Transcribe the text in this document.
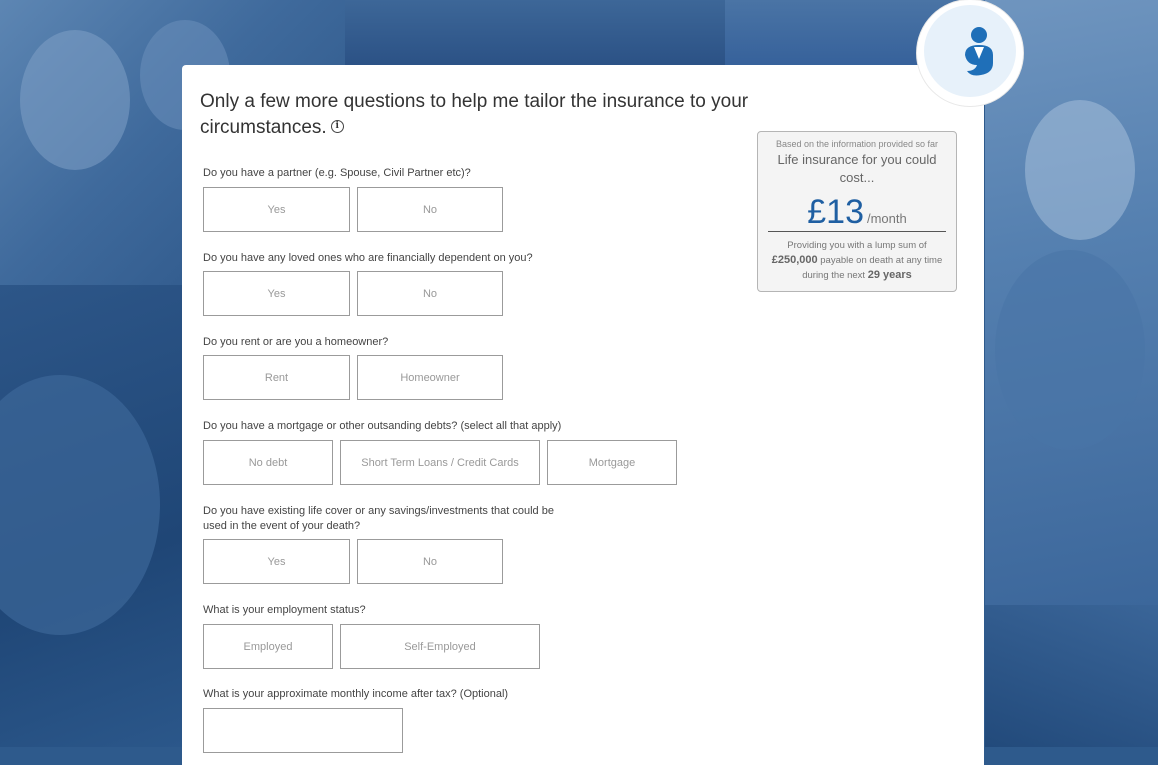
Only a few more questions to help me tailor the insurance to your circumstances. i
Do you have a partner (e.g. Spouse, Civil Partner etc)?
Yes	No
Do you have any loved ones who are financially dependent on you?
Yes	No
Do you rent or are you a homeowner?
Rent	Homeowner
Do you have a mortgage or other outsanding debts? (select all that apply)
No debt	Short Term Loans / Credit Cards	Mortgage
Do you have existing life cover or any savings/investments that could be
used in the event of your death?
Yes	No
What is your employment status?
Employed	Self-Employed
What is your approximate monthly income after tax? (Optional)
Based on the information provided so far
Life insurance for you could
cost...
£13 /month
Providing you with a lump sum of
£250,000 payable on death at any time
during the next 29 years
